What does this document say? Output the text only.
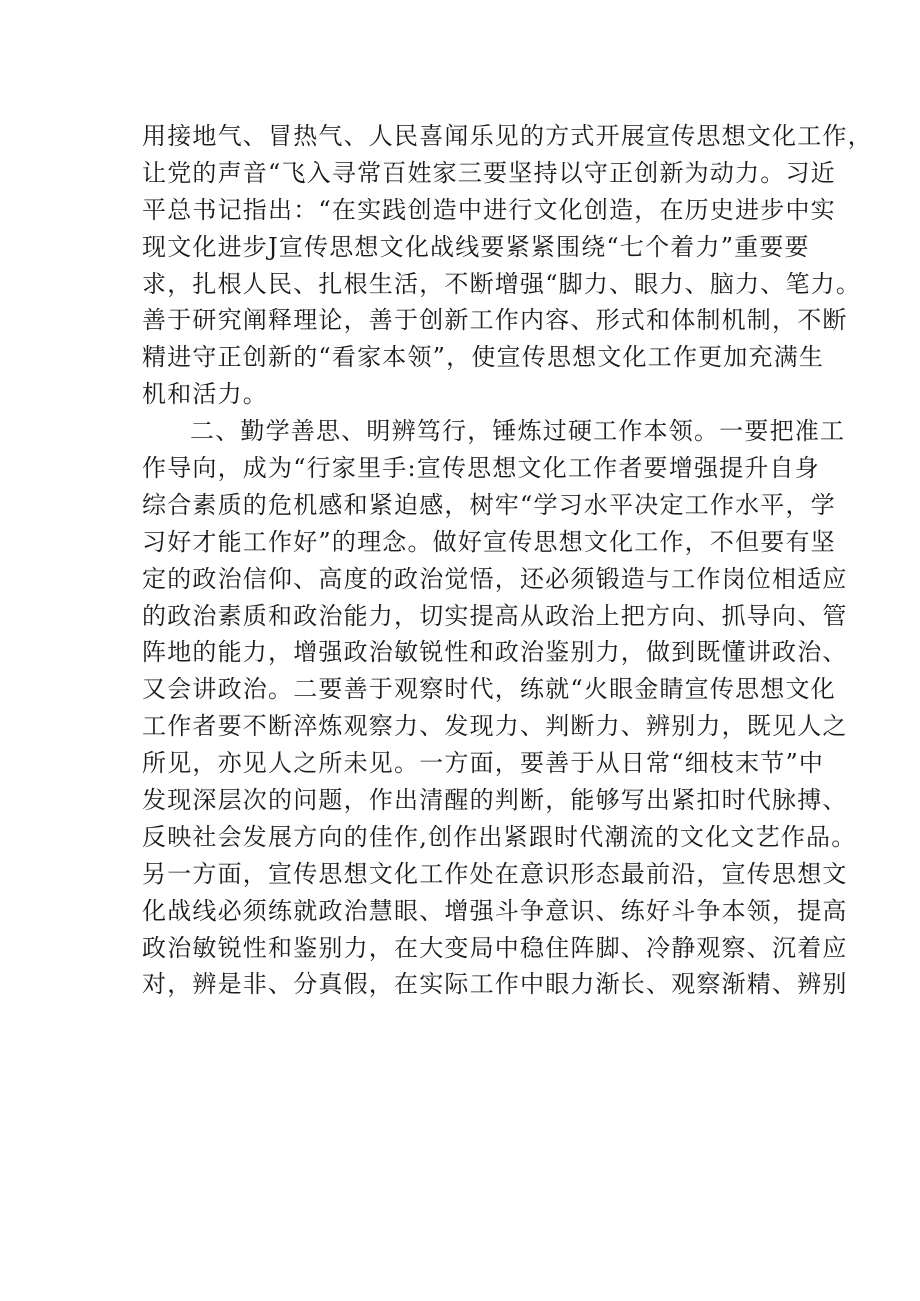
用接地气、冒热气、人民喜闻乐见的方式开展宣传思想文化工作，
让党的声音“飞入寻常百姓家三要坚持以守正创新为动力。习近
平总书记指出：“在实践创造中进行文化创造，在历史进步中实
现文化进步J宣传思想文化战线要紧紧围绕“七个着力”重要要
求，扎根人民、扎根生活，不断增强“脚力、眼力、脑力、笔力。
善于研究阐释理论，善于创新工作内容、形式和体制机制，不断
精进守正创新的“看家本领”，使宣传思想文化工作更加充满生
机和活力。
二、勤学善思、明辨笃行，锤炼过硬工作本领。一要把准工
作导向，成为“行家里手:宣传思想文化工作者要增强提升自身
综合素质的危机感和紧迫感，树牢“学习水平决定工作水平，学
习好才能工作好”的理念。做好宣传思想文化工作，不但要有坚
定的政治信仰、高度的政治觉悟，还必须锻造与工作岗位相适应
的政治素质和政治能力，切实提高从政治上把方向、抓导向、管
阵地的能力，增强政治敏锐性和政治鉴别力，做到既懂讲政治、
又会讲政治。二要善于观察时代，练就“火眼金睛宣传思想文化
工作者要不断淬炼观察力、发现力、判断力、辨别力，既见人之
所见，亦见人之所未见。一方面，要善于从日常“细枝末节”中
发现深层次的问题，作出清醒的判断，能够写出紧扣时代脉搏、
反映社会发展方向的佳作,创作出紧跟时代潮流的文化文艺作品。
另一方面，宣传思想文化工作处在意识形态最前沿，宣传思想文
化战线必须练就政治慧眼、增强斗争意识、练好斗争本领，提高
政治敏锐性和鉴别力，在大变局中稳住阵脚、冷静观察、沉着应
对，辨是非、分真假，在实际工作中眼力渐长、观察渐精、辨别
